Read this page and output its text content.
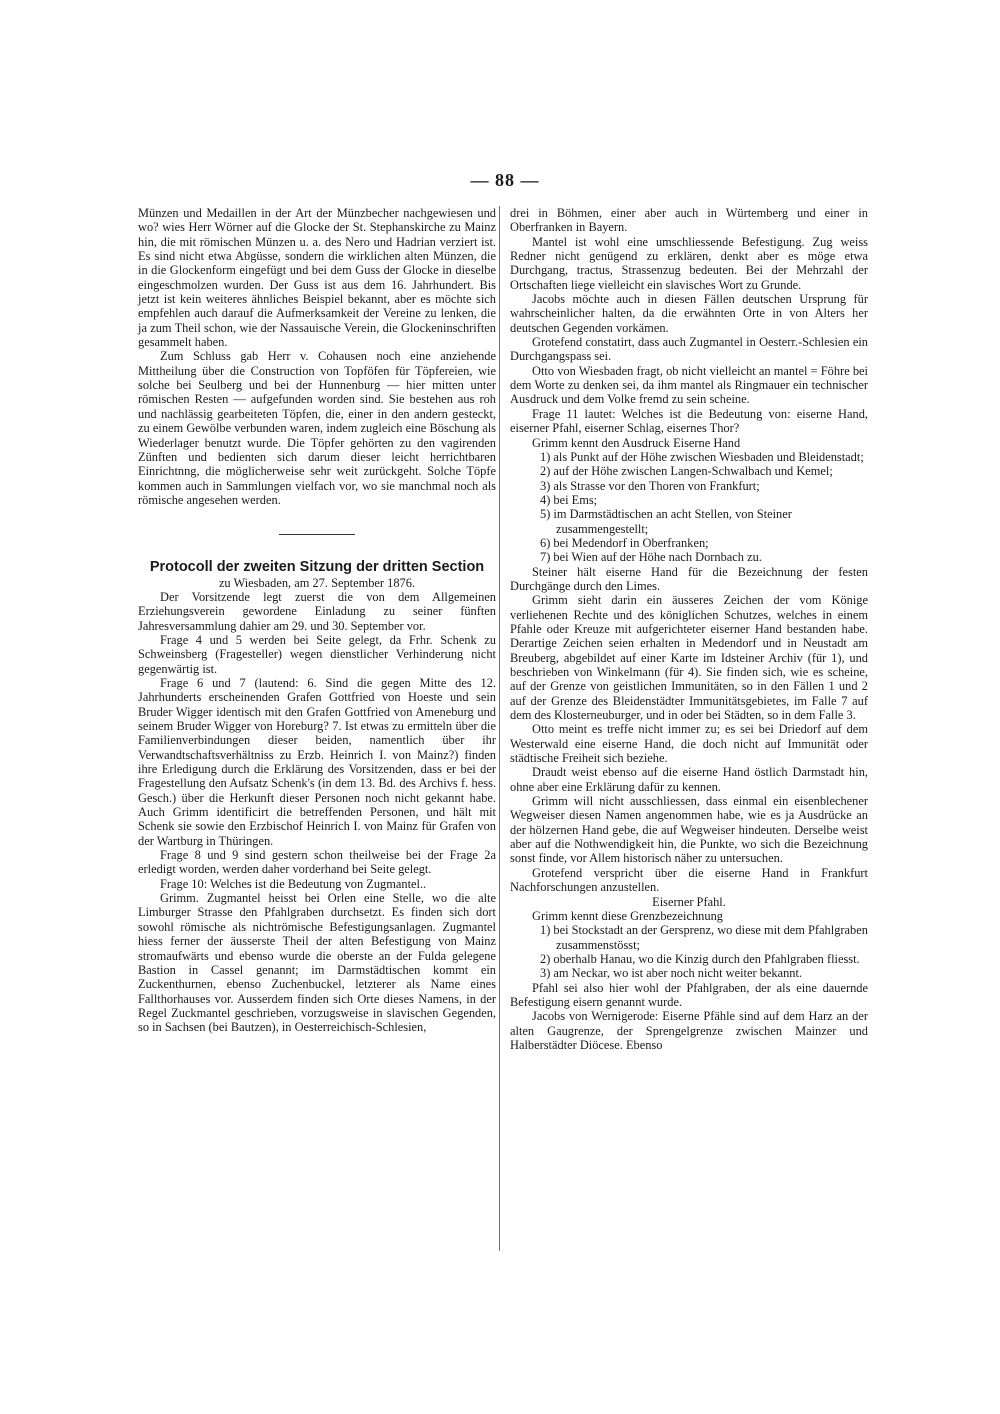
— 88 —

Münzen und Medaillen in der Art der Münzbecher nachgewiesen und wo? wies Herr Wörner auf die Glocke der St. Stephanskirche zu Mainz hin, die mit römischen Münzen u. a. des Nero und Hadrian verziert ist. Es sind nicht etwa Abgüsse, sondern die wirklichen alten Münzen, die in die Glockenform eingefügt und bei dem Guss der Glocke in dieselbe eingeschmolzen wurden. Der Guss ist aus dem 16. Jahrhundert. Bis jetzt ist kein weiteres ähnliches Beispiel bekannt, aber es möchte sich empfehlen auch darauf die Aufmerksamkeit der Vereine zu lenken, die ja zum Theil schon, wie der Nassauische Verein, die Glockeninschriften gesammelt haben.

Zum Schluss gab Herr v. Cohausen noch eine anziehende Mittheilung über die Construction von Topföfen für Töpfereien, wie solche bei Seulberg und bei der Hunnenburg — hier mitten unter römischen Resten — aufgefunden worden sind. Sie bestehen aus roh und nachlässig gearbeiteten Töpfen, die, einer in den andern gesteckt, zu einem Gewölbe verbunden waren, indem zugleich eine Böschung als Wiederlager benutzt wurde. Die Töpfer gehörten zu den vagirenden Zünften und bedienten sich darum dieser leicht herrichtbaren Einrichtnng, die möglicherweise sehr weit zurückgeht. Solche Töpfe kommen auch in Sammlungen vielfach vor, wo sie manchmal noch als römische angesehen werden.

Protocoll der zweiten Sitzung der dritten Section

zu Wiesbaden, am 27. September 1876.

Der Vorsitzende legt zuerst die von dem Allgemeinen Erziehungsverein gewordene Einladung zu seiner fünften Jahresversammlung dahier am 29. und 30. September vor.

Frage 4 und 5 werden bei Seite gelegt, da Frhr. Schenk zu Schweinsberg (Fragesteller) wegen dienstlicher Verhinderung nicht gegenwärtig ist.

Frage 6 und 7 (lautend: 6. Sind die gegen Mitte des 12. Jahrhunderts erscheinenden Grafen Gottfried von Hoeste und sein Bruder Wigger identisch mit den Grafen Gottfried von Ameneburg und seinem Bruder Wigger von Horeburg? 7. Ist etwas zu ermitteln über die Familienverbindungen dieser beiden, namentlich über ihr Verwandtschaftsverhältniss zu Erzb. Heinrich I. von Mainz?) finden ihre Erledigung durch die Erklärung des Vorsitzenden, dass er bei der Fragestellung den Aufsatz Schenk's (in dem 13. Bd. des Archivs f. hess. Gesch.) über die Herkunft dieser Personen noch nicht gekannt habe. Auch Grimm identificirt die betreffenden Personen, und hält mit Schenk sie sowie den Erzbischof Heinrich I. von Mainz für Grafen von der Wartburg in Thüringen.

Frage 8 und 9 sind gestern schon theilweise bei der Frage 2a erledigt worden, werden daher vorderhand bei Seite gelegt.

Frage 10: Welches ist die Bedeutung von Zugmantel..

Grimm. Zugmantel heisst bei Orlen eine Stelle, wo die alte Limburger Strasse den Pfahlgraben durchsetzt. Es finden sich dort sowohl römische als nichtrömische Befestigungsanlagen. Zugmantel hiess ferner der äusserste Theil der alten Befestigung von Mainz stromaufwärts und ebenso wurde die oberste an der Fulda gelegene Bastion in Cassel genannt; im Darmstädtischen kommt ein Zuckenthurnen, ebenso Zuchenbuckel, letzterer als Name eines Fallthorhauses vor. Ausserdem finden sich Orte dieses Namens, in der Regel Zuckmantel geschrieben, vorzugsweise in slavischen Gegenden, so in Sachsen (bei Bautzen), in Oesterreichisch-Schlesien,

drei in Böhmen, einer aber auch in Würtemberg und einer in Oberfranken in Bayern.

Mantel ist wohl eine umschliessende Befestigung. Zug weiss Redner nicht genügend zu erklären, denkt aber es möge etwa Durchgang, tractus, Strassenzug bedeuten. Bei der Mehrzahl der Ortschaften liege vielleicht ein slavisches Wort zu Grunde.

Jacobs möchte auch in diesen Fällen deutschen Ursprung für wahrscheinlicher halten, da die erwähnten Orte in von Alters her deutschen Gegenden vorkämen.

Grotefend constatirt, dass auch Zugmantel in Oesterr.-Schlesien ein Durchgangspass sei.

Otto von Wiesbaden fragt, ob nicht vielleicht an mantel = Föhre bei dem Worte zu denken sei, da ihm mantel als Ringmauer ein technischer Ausdruck und dem Volke fremd zu sein scheine.

Frage 11 lautet: Welches ist die Bedeutung von: eiserne Hand, eiserner Pfahl, eiserner Schlag, eisernes Thor?

Grimm kennt den Ausdruck Eiserne Hand

1) als Punkt auf der Höhe zwischen Wiesbaden und Bleidenstadt;

2) auf der Höhe zwischen Langen-Schwalbach und Kemel;

3) als Strasse vor den Thoren von Frankfurt;

4) bei Ems;

5) im Darmstädtischen an acht Stellen, von Steiner zusammengestellt;

6) bei Medendorf in Oberfranken;

7) bei Wien auf der Höhe nach Dornbach zu.

Steiner hält eiserne Hand für die Bezeichnung der festen Durchgänge durch den Limes.

Grimm sieht darin ein äusseres Zeichen der vom Könige verliehenen Rechte und des königlichen Schutzes, welches in einem Pfahle oder Kreuze mit aufgerichteter eiserner Hand bestanden habe. Derartige Zeichen seien erhalten in Medendorf und in Neustadt am Breuberg, abgebildet auf einer Karte im Idsteiner Archiv (für 1), und beschrieben von Winkelmann (für 4). Sie finden sich, wie es scheine, auf der Grenze von geistlichen Immunitäten, so in den Fällen 1 und 2 auf der Grenze des Bleidenstädter Immunitätsgebietes, im Falle 7 auf dem des Klosterneuburger, und in oder bei Städten, so in dem Falle 3.

Otto meint es treffe nicht immer zu; es sei bei Driedorf auf dem Westerwald eine eiserne Hand, die doch nicht auf Immunität oder städtische Freiheit sich beziehe.

Draudt weist ebenso auf die eiserne Hand östlich Darmstadt hin, ohne aber eine Erklärung dafür zu kennen.

Grimm will nicht ausschliessen, dass einmal ein eisenblechener Wegweiser diesen Namen angenommen habe, wie es ja Ausdrücke an der hölzernen Hand gebe, die auf Wegweiser hindeuten. Derselbe weist aber auf die Nothwendigkeit hin, die Punkte, wo sich die Bezeichnung sonst finde, vor Allem historisch näher zu untersuchen.

Grotefend verspricht über die eiserne Hand in Frankfurt Nachforschungen anzustellen.

Eiserner Pfahl.

Grimm kennt diese Grenzbezeichnung

1) bei Stockstadt an der Gersprenz, wo diese mit dem Pfahlgraben zusammenstösst;

2) oberhalb Hanau, wo die Kinzig durch den Pfahlgraben fliesst.

3) am Neckar, wo ist aber noch nicht weiter bekannt.

Pfahl sei also hier wohl der Pfahlgraben, der als eine dauernde Befestigung eisern genannt wurde.

Jacobs von Wernigerode: Eiserne Pfähle sind auf dem Harz an der alten Gaugrenze, der Sprengelgrenze zwischen Mainzer und Halberstädter Diöcese. Ebenso
